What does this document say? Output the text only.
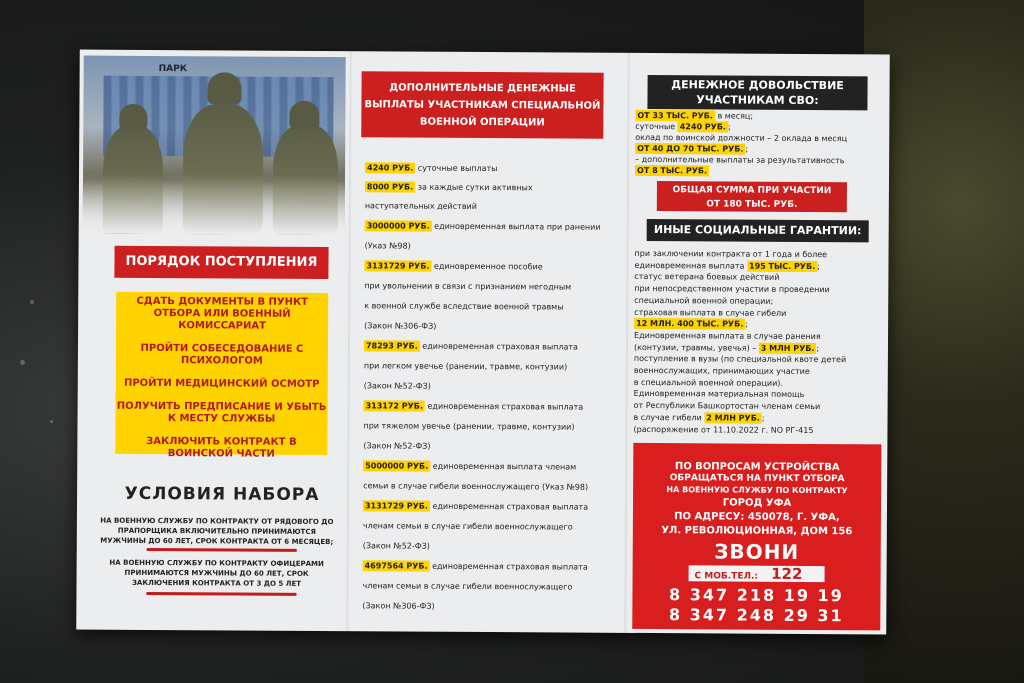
ПАРК
ПОРЯДОК ПОСТУПЛЕНИЯ
СДАТЬ ДОКУМЕНТЫ В ПУНКТ ОТБОРА ИЛИ ВОЕННЫЙ КОМИССАРИАТ
ПРОЙТИ СОБЕСЕДОВАНИЕ С ПСИХОЛОГОМ
ПРОЙТИ МЕДИЦИНСКИЙ ОСМОТР
ПОЛУЧИТЬ ПРЕДПИСАНИЕ И УБЫТЬ К МЕСТУ СЛУЖБЫ
ЗАКЛЮЧИТЬ КОНТРАКТ В ВОИНСКОЙ ЧАСТИ
УСЛОВИЯ НАБОРА
НА ВОЕННУЮ СЛУЖБУ ПО КОНТРАКТУ ОТ РЯДОВОГО ДО ПРАПОРЩИКА ВКЛЮЧИТЕЛЬНО ПРИНИМАЮТСЯ МУЖЧИНЫ ДО 60 ЛЕТ, СРОК КОНТРАКТА ОТ 6 МЕСЯЦЕВ;
НА ВОЕННУЮ СЛУЖБУ ПО КОНТРАКТУ ОФИЦЕРАМИ ПРИНИМАЮТСЯ МУЖЧИНЫ ДО 60 ЛЕТ, СРОК ЗАКЛЮЧЕНИЯ КОНТРАКТА ОТ 3 ДО 5 ЛЕТ
ДОПОЛНИТЕЛЬНЫЕ ДЕНЕЖНЫЕ ВЫПЛАТЫ УЧАСТНИКАМ СПЕЦИАЛЬНОЙ ВОЕННОЙ ОПЕРАЦИИ
4240 РУБ. суточные выплаты
8000 РУБ. за каждые сутки активных
наступательных действий
3000000 РУБ. единовременная выплата при ранении
(Указ №98)
3131729 РУБ. единовременное пособие
при увольнении в связи с признанием негодным
к военной службе вследствие военной травмы
(Закон №306-ФЗ)
78293 РУБ. единовременная страховая выплата
при легком увечье (ранении, травме, контузии)
(Закон №52-ФЗ)
313172 РУБ. единовременная страховая выплата
при тяжелом увечье (ранении, травме, контузии)
(Закон №52-ФЗ)
5000000 РУБ. единовременная выплата членам
семьи в случае гибели военнослужащего (Указ №98)
3131729 РУБ. единовременная страховая выплата
членам семьи в случае гибели военнослужащего
(Закон №52-ФЗ)
4697564 РУБ. единовременная страховая выплата
членам семьи в случае гибели военнослужащего
(Закон №306-ФЗ)
ДЕНЕЖНОЕ ДОВОЛЬСТВИЕ
УЧАСТНИКАМ СВО:
ОТ 33 ТЫС. РУБ. в месяц;
суточные 4240 РУБ. ;
оклад по воинской должности – 2 оклада в месяц
ОТ 40 ДО 70 ТЫС. РУБ. ;
– дополнительные выплаты за результативность
ОТ 8 ТЫС. РУБ.
ОБЩАЯ СУММА ПРИ УЧАСТИИ
ОТ 180 ТЫС. РУБ.
ИНЫЕ СОЦИАЛЬНЫЕ ГАРАНТИИ:
при заключении контракта от 1 года и более
единовременная выплата 195 ТЫС. РУБ. ;
статус ветерана боевых действий
при непосредственном участии в проведении
специальной военной операции;
страховая выплата в случае гибели
12 МЛН. 400 ТЫС. РУБ. ;
Единовременная выплата в случае ранения
(контузии, травмы, увечья) – 3 МЛН РУБ. ;
поступление в вузы (по специальной квоте детей
военнослужащих, принимающих участие
в специальной военной операции).
Единовременная материальная помощь
от Республики Башкортостан членам семьи
в случае гибели 2 МЛН РУБ. ;
(распоряжение от 11.10.2022 г. NO РГ-415
ПО ВОПРОСАМ УСТРОЙСТВА
ОБРАЩАТЬСЯ НА ПУНКТ ОТБОРА
НА ВОЕННУЮ СЛУЖБУ ПО КОНТРАКТУ
ГОРОД УФА
ПО АДРЕСУ: 450078, Г. УФА,
УЛ. РЕВОЛЮЦИОННАЯ, ДОМ 156
ЗВОНИ
С МОБ.ТЕЛ.: 122
8 347 218 19 19
8 347 248 29 31
